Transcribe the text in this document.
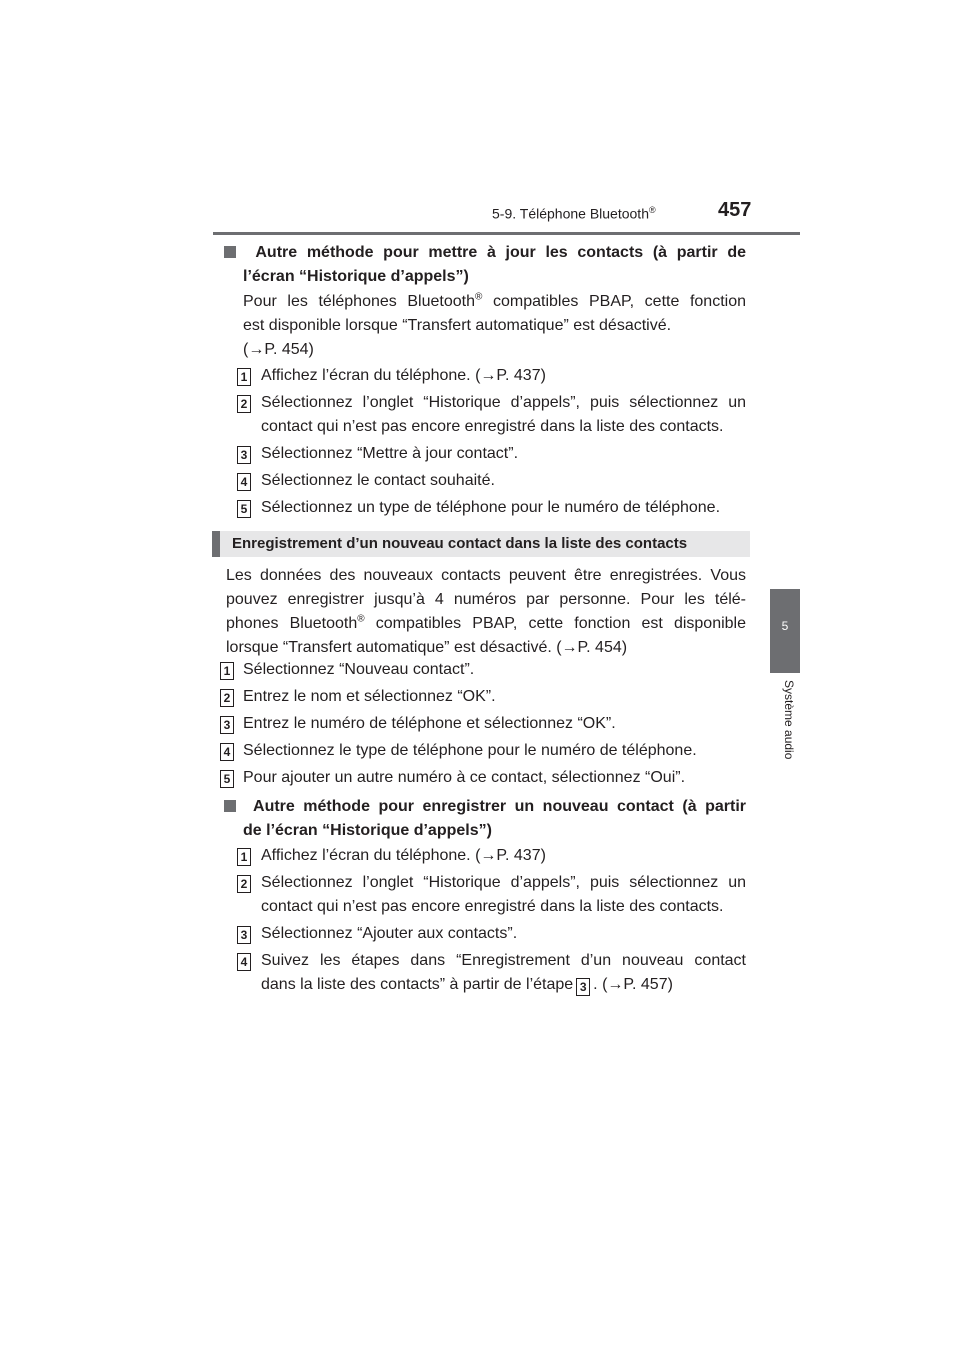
5-9. Téléphone Bluetooth®	457
5
Système audio
Autre méthode pour mettre à jour les contacts (à partir de
l’écran “Historique d’appels”)
Pour les téléphones Bluetooth® compatibles PBAP, cette fonction
est disponible lorsque “Transfert automatique” est désactivé.
(→P. 454)
1 Affichez l’écran du téléphone. (→P. 437)
2 Sélectionnez l’onglet “Historique d’appels”, puis sélectionnez un
contact qui n’est pas encore enregistré dans la liste des contacts.
3 Sélectionnez “Mettre à jour contact”.
4 Sélectionnez le contact souhaité.
5 Sélectionnez un type de téléphone pour le numéro de téléphone.
Enregistrement d’un nouveau contact dans la liste des contacts
Les données des nouveaux contacts peuvent être enregistrées. Vous
pouvez enregistrer jusqu’à 4 numéros par personne. Pour les télé-
phones Bluetooth® compatibles PBAP, cette fonction est disponible
lorsque “Transfert automatique” est désactivé. (→P. 454)
1 Sélectionnez “Nouveau contact”.
2 Entrez le nom et sélectionnez “OK”.
3 Entrez le numéro de téléphone et sélectionnez “OK”.
4 Sélectionnez le type de téléphone pour le numéro de téléphone.
5 Pour ajouter un autre numéro à ce contact, sélectionnez “Oui”.
Autre méthode pour enregistrer un nouveau contact (à partir
de l’écran “Historique d’appels”)
1 Affichez l’écran du téléphone. (→P. 437)
2 Sélectionnez l’onglet “Historique d’appels”, puis sélectionnez un
contact qui n’est pas encore enregistré dans la liste des contacts.
3 Sélectionnez “Ajouter aux contacts”.
4 Suivez les étapes dans “Enregistrement d’un nouveau contact
dans la liste des contacts” à partir de l’étape 3 . (→P. 457)
